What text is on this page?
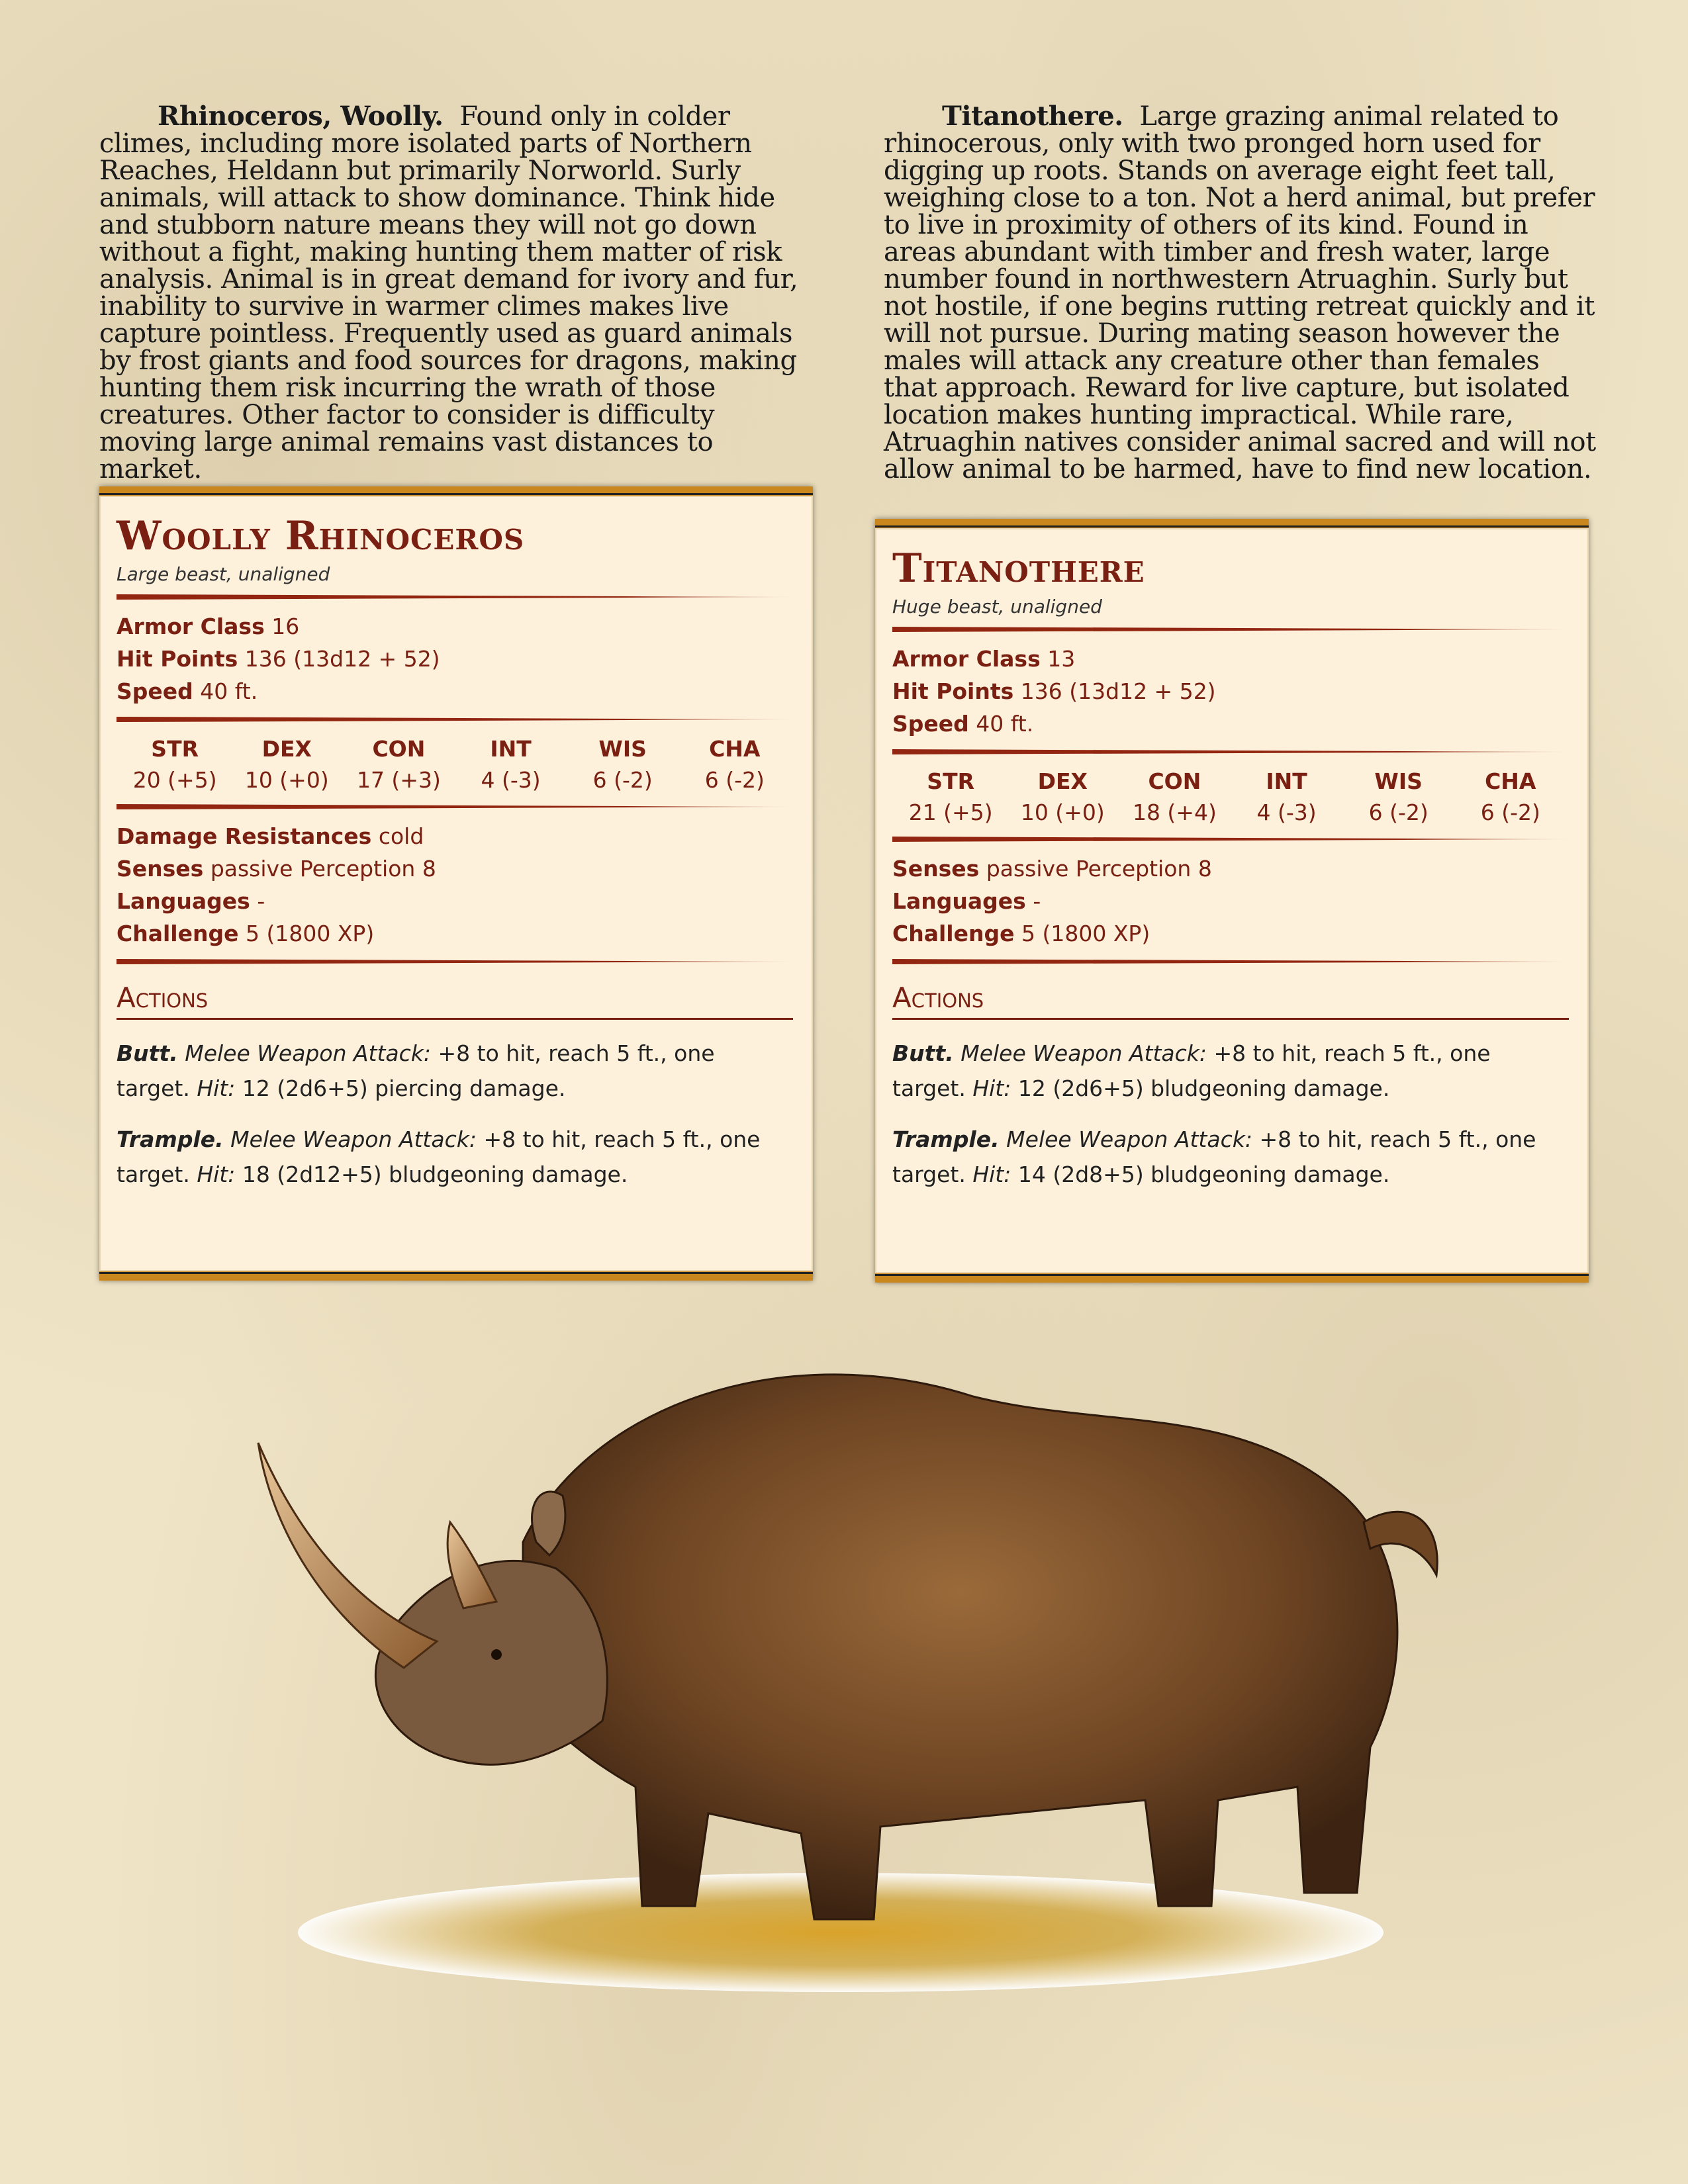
Rhinoceros, Woolly. Found only in colder climes, including more isolated parts of Northern Reaches, Heldann but primarily Norworld. Surly animals, will attack to show dominance. Think hide and stubborn nature means they will not go down without a fight, making hunting them matter of risk analysis. Animal is in great demand for ivory and fur, inability to survive in warmer climes makes live capture pointless. Frequently used as guard animals by frost giants and food sources for dragons, making hunting them risk incurring the wrath of those creatures. Other factor to consider is difficulty moving large animal remains vast distances to market.

Titanothere. Large grazing animal related to rhinocerous, only with two pronged horn used for digging up roots. Stands on average eight feet tall, weighing close to a ton. Not a herd animal, but prefer to live in proximity of others of its kind. Found in areas abundant with timber and fresh water, large number found in northwestern Atruaghin. Surly but not hostile, if one begins rutting retreat quickly and it will not pursue. During mating season however the males will attack any creature other than females that approach. Reward for live capture, but isolated location makes hunting impractical. While rare, Atruaghin natives consider animal sacred and will not allow animal to be harmed, have to find new location.

Woolly Rhinoceros
Large beast, unaligned
Armor Class 16
Hit Points 136 (13d12 + 52)
Speed 40 ft.
STR
20 (+5)
DEX
10 (+0)
CON
17 (+3)
INT
4 (-3)
WIS
6 (-2)
CHA
6 (-2)
Damage Resistances cold
Senses passive Perception 8
Languages -
Challenge 5 (1800 XP)
Actions
Butt. Melee Weapon Attack: +8 to hit, reach 5 ft., one target. Hit: 12 (2d6+5) piercing damage.
Trample. Melee Weapon Attack: +8 to hit, reach 5 ft., one target. Hit: 18 (2d12+5) bludgeoning damage.
Titanothere
Huge beast, unaligned
Armor Class 13
Hit Points 136 (13d12 + 52)
Speed 40 ft.
STR
21 (+5)
DEX
10 (+0)
CON
18 (+4)
INT
4 (-3)
WIS
6 (-2)
CHA
6 (-2)
Senses passive Perception 8
Languages -
Challenge 5 (1800 XP)
Actions
Butt. Melee Weapon Attack: +8 to hit, reach 5 ft., one target. Hit: 12 (2d6+5) bludgeoning damage.
Trample. Melee Weapon Attack: +8 to hit, reach 5 ft., one target. Hit: 14 (2d8+5) bludgeoning damage.
